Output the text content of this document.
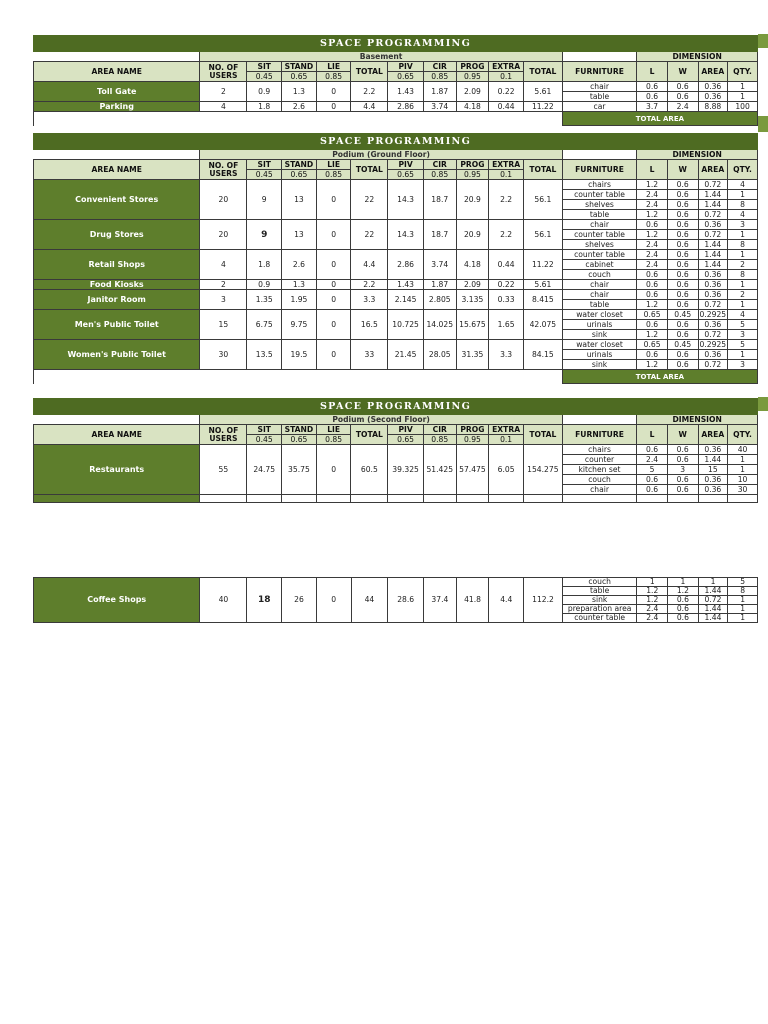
SPACE PROGRAMMING															
	Basement											DIMENSION			
AREA NAME	NO. OF USERS	SIT	STAND	LIE	TOTAL	PIV	CIR	PROG	EXTRA	TOTAL	FURNITURE	L	W	AREA	QTY.
		0.45	0.65	0.85		0.65	0.85	0.95	0.1						
Toll Gate	2	0.9	1.3	0	2.2	1.43	1.87	2.09	0.22	5.61	chair	0.6	0.6	0.36	1
											table	0.6	0.6	0.36	1
Parking	4	1.8	2.6	0	4.4	2.86	3.74	4.18	0.44	11.22	car	3.7	2.4	8.88	100
											TOTAL AREA				
SPACE PROGRAMMING															
	Podium (Ground Floor)											DIMENSION			
AREA NAME	NO. OF USERS	SIT	STAND	LIE	TOTAL	PIV	CIR	PROG	EXTRA	TOTAL	FURNITURE	L	W	AREA	QTY.
		0.45	0.65	0.85		0.65	0.85	0.95	0.1						
Convenient Stores	20	9	13	0	22	14.3	18.7	20.9	2.2	56.1	chairs	1.2	0.6	0.72	4
											counter table	2.4	0.6	1.44	1
											shelves	2.4	0.6	1.44	8
											table	1.2	0.6	0.72	4
Drug Stores	20	9	13	0	22	14.3	18.7	20.9	2.2	56.1	chair	0.6	0.6	0.36	3
											counter table	1.2	0.6	0.72	1
											shelves	2.4	0.6	1.44	8
Retail Shops	4	1.8	2.6	0	4.4	2.86	3.74	4.18	0.44	11.22	counter table	2.4	0.6	1.44	1
											cabinet	2.4	0.6	1.44	2
											couch	0.6	0.6	0.36	8
Food Kiosks	2	0.9	1.3	0	2.2	1.43	1.87	2.09	0.22	5.61	chair	0.6	0.6	0.36	1
Janitor Room	3	1.35	1.95	0	3.3	2.145	2.805	3.135	0.33	8.415	chair	0.6	0.6	0.36	2
											table	1.2	0.6	0.72	1
Men's Public Toilet	15	6.75	9.75	0	16.5	10.725	14.025	15.675	1.65	42.075	water closet	0.65	0.45	0.2925	4
											urinals	0.6	0.6	0.36	5
											sink	1.2	0.6	0.72	3
Women's Public Toilet	30	13.5	19.5	0	33	21.45	28.05	31.35	3.3	84.15	water closet	0.65	0.45	0.2925	5
											urinals	0.6	0.6	0.36	1
											sink	1.2	0.6	0.72	3
											TOTAL AREA				
SPACE PROGRAMMING															
	Podium (Second Floor)											DIMENSION			
AREA NAME	NO. OF USERS	SIT	STAND	LIE	TOTAL	PIV	CIR	PROG	EXTRA	TOTAL	FURNITURE	L	W	AREA	QTY.
		0.45	0.65	0.85		0.65	0.85	0.95	0.1						
Restaurants	55	24.75	35.75	0	60.5	39.325	51.425	57.475	6.05	154.275	chairs	0.6	0.6	0.36	40
											counter	2.4	0.6	1.44	1
											kitchen set	5	3	15	1
											couch	0.6	0.6	0.36	10
											chair	0.6	0.6	0.36	30

Coffee Shops	40	18	26	0	44	28.6	37.4	41.8	4.4	112.2	couch	1	1	1	5
											table	1.2	1.2	1.44	8
											sink	1.2	0.6	0.72	1
											preparation area	2.4	0.6	1.44	1
											counter table	2.4	0.6	1.44	1
